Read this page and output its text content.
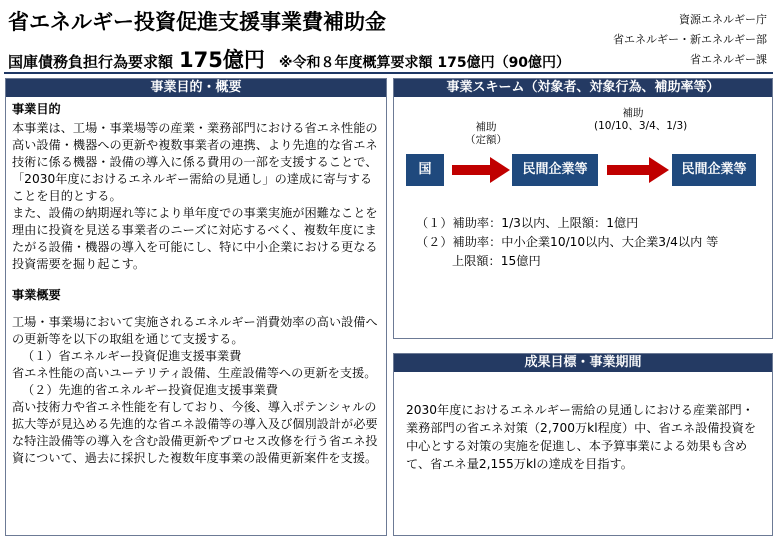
省エネルギー投資促進支援事業費補助金
国庫債務負担行為要求額 175億円 ※令和８年度概算要求額 175億円（90億円）
資源エネルギー庁
省エネルギー・新エネルギー部
省エネルギー課
事業目的・概要
事業目的

本事業は、工場・事業場等の産業・業務部門における省エネ性能の高い設備・機器への更新や複数事業者の連携、より先進的な省エネ技術に係る機器・設備の導入に係る費用の一部を支援することで、「2030年度におけるエネルギー需給の見通し」の達成に寄与することを目的とする。

また、設備の納期遅れ等により単年度での事業実施が困難なことを理由に投資を見送る事業者のニーズに対応するべく、複数年度にまたがる設備・機器の導入を可能にし、特に中小企業における更なる投資需要を掘り起こす。

事業概要

工場・事業場において実施されるエネルギー消費効率の高い設備への更新等を以下の取組を通じて支援する。

（１）省エネルギー投資促進支援事業費

省エネ性能の高いユーテリティ設備、生産設備等への更新を支援。

（２）先進的省エネルギー投資促進支援事業費

高い技術力や省エネ性能を有しており、今後、導入ポテンシャルの拡大等が見込める先進的な省エネ設備等の導入及び個別設計が必要な特注設備等の導入を含む設備更新やプロセス改修を行う省エネ投資について、過去に採択した複数年度事業の設備更新案件を支援。

事業スキーム（対象者、対象行為、補助率等）
国
補助
（定額）
民間企業等
補助
(10/10、3/4、1/3)
民間企業等
（１）補助率：1/3以内、上限額：1億円
（２）補助率：中小企業10/10以内、大企業3/4以内 等
上限額：15億円
成果目標・事業期間
2030年度におけるエネルギー需給の見通しにおける産業部門・業務部門の省エネ対策（2,700万kl程度）中、省エネ設備投資を中心とする対策の実施を促進し、本予算事業による効果も含めて、省エネ量2,155万klの達成を目指す。
